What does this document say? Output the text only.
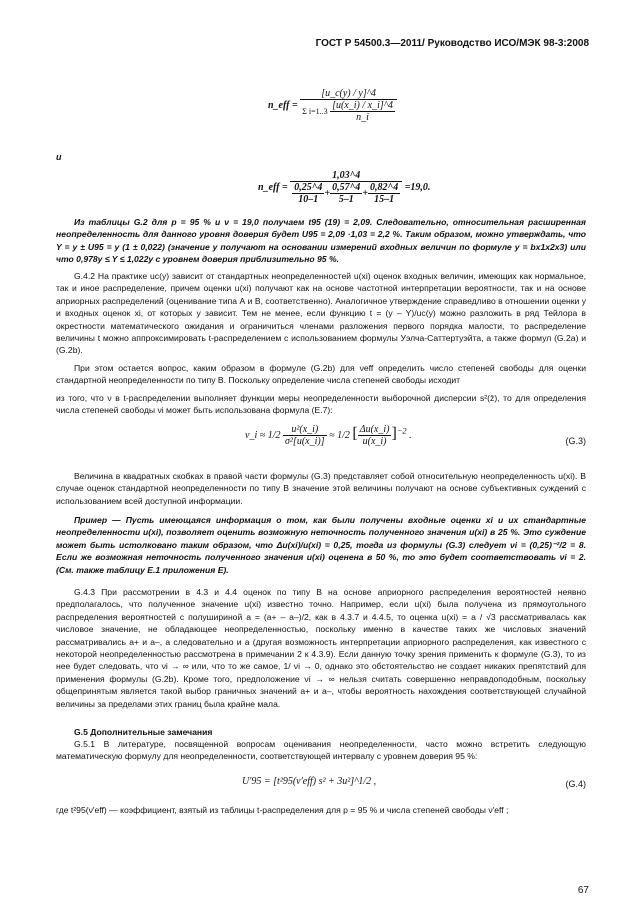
ГОСТ Р 54500.3—2011/ Руководство ИСО/МЭК 98-3:2008
n_eff = $\frac{[u\_c(y) / y]\^{}4}{\Sigma i=1..3 \frac{[u(x\_i) / x\_i]\^{}4}{n\_i}}$
и
n_eff = $\frac{1,03\^{}4}{\frac{0,25\^{}4}{10-1} + \frac{0,57\^{}4}{5-1} + \frac{0,82\^{}4}{15-1}} =19,0$.
Из таблицы G.2 для p = 95 % и ν = 19,0 получаем t95 (19) = 2,09. Следовательно, относительная расширенная неопределенность для данного уровня доверия будет U95 = 2,09 ·1,03 = 2,2 %. Таким образом, можно утверждать, что Y = y ± U95 = y (1 ± 0,022) (значение y получают на основании измерений входных величин по формуле y = bx1x2x3) или что 0,978y ≤ Y ≤ 1,022y с уровнем доверия приблизительно 95 %.
G.4.2 На практике uc(y) зависит от стандартных неопределенностей u(xi) оценок входных величин, имеющих как нормальное, так и иное распределение, причем оценки u(xi) получают как на основе частотной интерпретации вероятности, так и на основе априорных распределений (оценивание типа А и В, соответственно). Аналогичное утверждение справедливо в отношении оценки y и входных оценок xi, от которых y зависит. Тем не менее, если функцию t = (y – Y)/uc(y) можно разложить в ряд Тейлора в окрестности математического ожидания и ограничиться членами разложения первого порядка малости, то распределение величины t можно аппроксимировать t-распределением с использованием формулы Уэлча-Саттертуэйта, а также формул (G.2a) и (G.2b).
При этом остается вопрос, каким образом в формуле (G.2b) для νeff определить число степеней свободы для оценки стандартной неопределенности по типу В. Поскольку определение числа степеней свободы исходит
из того, что ν в t-распределении выполняет функции меры неопределенности выборочной дисперсии s²(z̄), то для определения числа степеней свободы νi может быть использована формула (Е.7):
ν_i ≈ $1/2 \frac{\text{u²(x\_i)}}{\text{σ²[u(x\_i)]}} \approx 1/2$ [ $\frac{\Delta u(x\_i)}{u(x\_i)} ]^{-2}$ .
(G.3)
Величина в квадратных скобках в правой части формулы (G.3) представляет собой относительную неопределенность u(xi). В случае оценок стандартной неопределенности по типу В значение этой величины получают на основе субъективных суждений с использованием всей доступной информации.
Пример — Пусть имеющаяся информация о том, как были получены входные оценки xi и их стандартные неопределенности u(xi), позволяет оценить возможную неточность полученного значения u(xi) в 25 %. Это суждение может быть истолковано таким образом, что Δu(xi)/u(xi) = 0,25, тогда из формулы (G.3) следует νi = (0,25)⁻²/2 = 8. Если же возможная неточность полученного значения u(xi) оценена в 50 %, то это будет соответствовать νi = 2. (См. также таблицу Е.1 приложения Е).
G.4.3 При рассмотрении в 4.3 и 4.4 оценок по типу В на основе априорного распределения вероятностей неявно предполагалось, что полученное значение u(xi) известно точно. Например, если u(xi) была получена из прямоугольного распределения вероятностей с полушириной a = (a+ – a–)/2, как в 4.3.7 и 4.4.5, то оценка u(xi) = a / √3 рассматривалась как числовое значение, не обладающее неопределенностью, поскольку именно в качестве таких же числовых значений рассматривались a+ и a–, а следовательно и a (другая возможность интерпретации априорного распределения, как известного с некоторой неопределенностью рассмотрена в примечании 2 к 4.3.9). Если данную точку зрения применить к формуле (G.3), то из нее будет следовать, что νi → ∞ или, что то же самое, 1/ νi → 0, однако это обстоятельство не создает никаких препятствий для применения формулы (G.2b). Кроме того, предположение νi → ∞ нельзя считать совершенно неправдоподобным, поскольку общепринятым является такой выбор граничных значений a+ и a–, чтобы вероятность нахождения соответствующей случайной величины за пределами этих границ была крайне мала.
G.5 Дополнительные замечания
G.5.1 В литературе, посвященной вопросам оценивания неопределенности, часто можно встретить следующую математическую формулу для неопределенности, соответствующей интервалу с уровнем доверия 95 %:
U′95 = [t²95(ν′eff) s² + 3u²]^1/2 ,	(G.4)
где t²95(ν′eff) — коэффициент, взятый из таблицы t-распределения для p = 95 % и числа степеней свободы ν′eff ;
67
